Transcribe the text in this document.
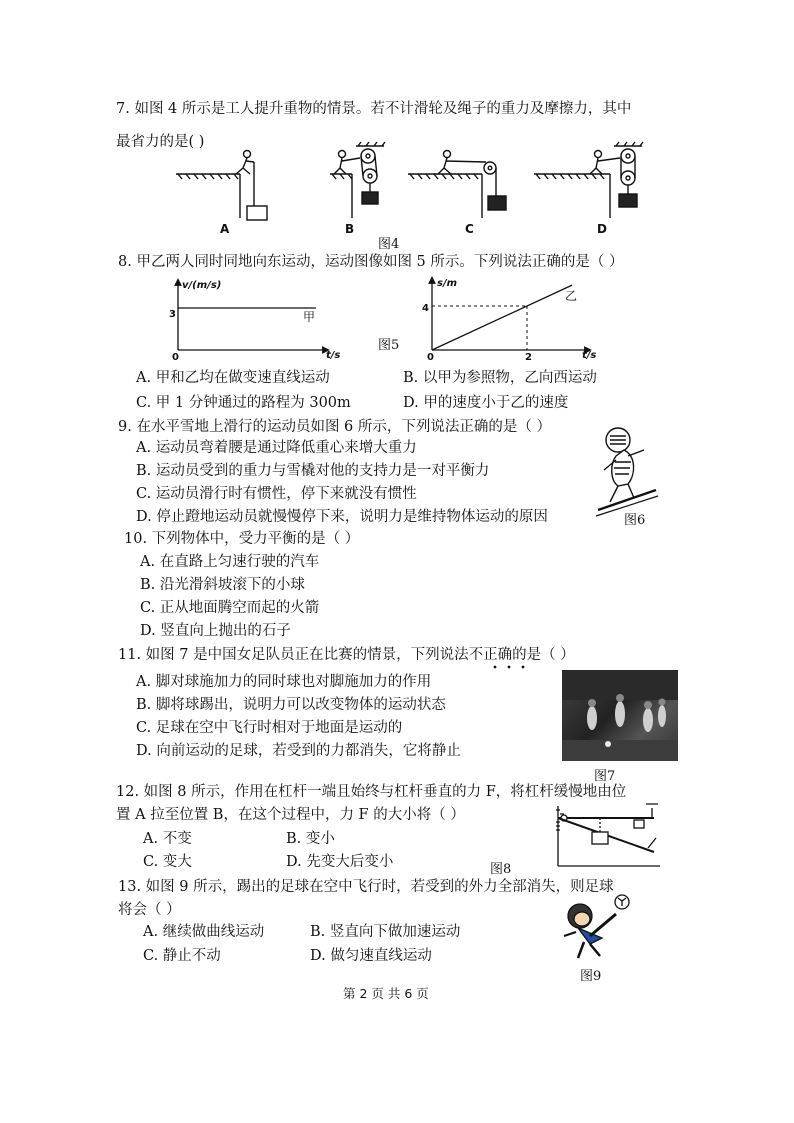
7. 如图 4 所示是工人提升重物的情景。若不计滑轮及绳子的重力及摩擦力，其中
最省力的是( )
A	B	C	D
图4
8. 甲乙两人同时同地向东运动，运动图像如图 5 所示。下列说法正确的是（ ）
v/(m/s)
3
0	t/s
甲
图5
s/m
4
0	2	t/s
乙
A. 甲和乙均在做变速直线运动	B. 以甲为参照物，乙向西运动
C. 甲 1 分钟通过的路程为 300m	D. 甲的速度小于乙的速度
9. 在水平雪地上滑行的运动员如图 6 所示，下列说法正确的是（ ）
A. 运动员弯着腰是通过降低重心来增大重力
B. 运动员受到的重力与雪橇对他的支持力是一对平衡力
C. 运动员滑行时有惯性，停下来就没有惯性
D. 停止蹬地运动员就慢慢停下来，说明力是维持物体运动的原因	图6
10. 下列物体中，受力平衡的是（ ）
A. 在直路上匀速行驶的汽车
B. 沿光滑斜坡滚下的小球
C. 正从地面腾空而起的火箭
D. 竖直向上抛出的石子
11. 如图 7 是中国女足队员正在比赛的情景，下列说法不正确的是（ ）
A. 脚对球施加力的同时球也对脚施加力的作用
B. 脚将球踢出，说明力可以改变物体的运动状态
C. 足球在空中飞行时相对于地面是运动的
D. 向前运动的足球，若受到的力都消失，它将静止
图7
12. 如图 8 所示，作用在杠杆一端且始终与杠杆垂直的力 F，将杠杆缓慢地由位
置 A 拉至位置 B，在这个过程中，力 F 的大小将（ ）
A. 不变	B. 变小
C. 变大	D. 先变大后变小	图8
13. 如图 9 所示，踢出的足球在空中飞行时，若受到的外力全部消失，则足球
将会（ ）
A. 继续做曲线运动	B. 竖直向下做加速运动
C. 静止不动	D. 做匀速直线运动
图9
第 2 页 共 6 页
